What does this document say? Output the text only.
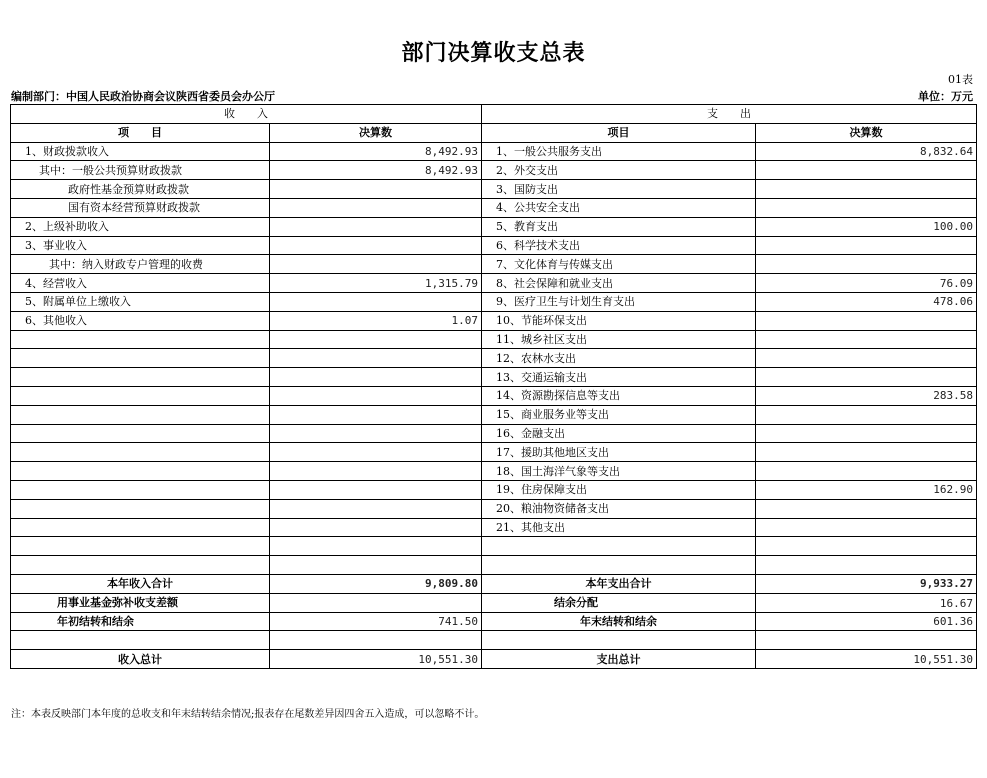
部门决算收支总表
01表
编制部门：中国人民政治协商会议陕西省委员会办公厅	单位：万元
收　　入		支　　出	
项　　目	决算数	项目	决算数
1、财政拨款收入	8,492.93	1、一般公共服务支出	8,832.64
其中：一般公共预算财政拨款	8,492.93	2、外交支出	
政府性基金预算财政拨款		3、国防支出	
国有资本经营预算财政拨款		4、公共安全支出	
2、上级补助收入		5、教育支出	100.00
3、事业收入		6、科学技术支出	
其中：纳入财政专户管理的收费		7、文化体育与传媒支出	
4、经营收入	1,315.79	8、社会保障和就业支出	76.09
5、附属单位上缴收入		9、医疗卫生与计划生育支出	478.06
6、其他收入	1.07	10、节能环保支出	
		11、城乡社区支出	
		12、农林水支出	
		13、交通运输支出	
		14、资源勘探信息等支出	283.58
		15、商业服务业等支出	
		16、金融支出	
		17、援助其他地区支出	
		18、国土海洋气象等支出	
		19、住房保障支出	162.90
		20、粮油物资储备支出	
		21、其他支出	

本年收入合计	9,809.80	本年支出合计	9,933.27
用事业基金弥补收支差额		结余分配	16.67
年初结转和结余	741.50	年末结转和结余	601.36

收入总计	10,551.30	支出总计	10,551.30
注：本表反映部门本年度的总收支和年末结转结余情况;报表存在尾数差异因四舍五入造成，可以忽略不计。
